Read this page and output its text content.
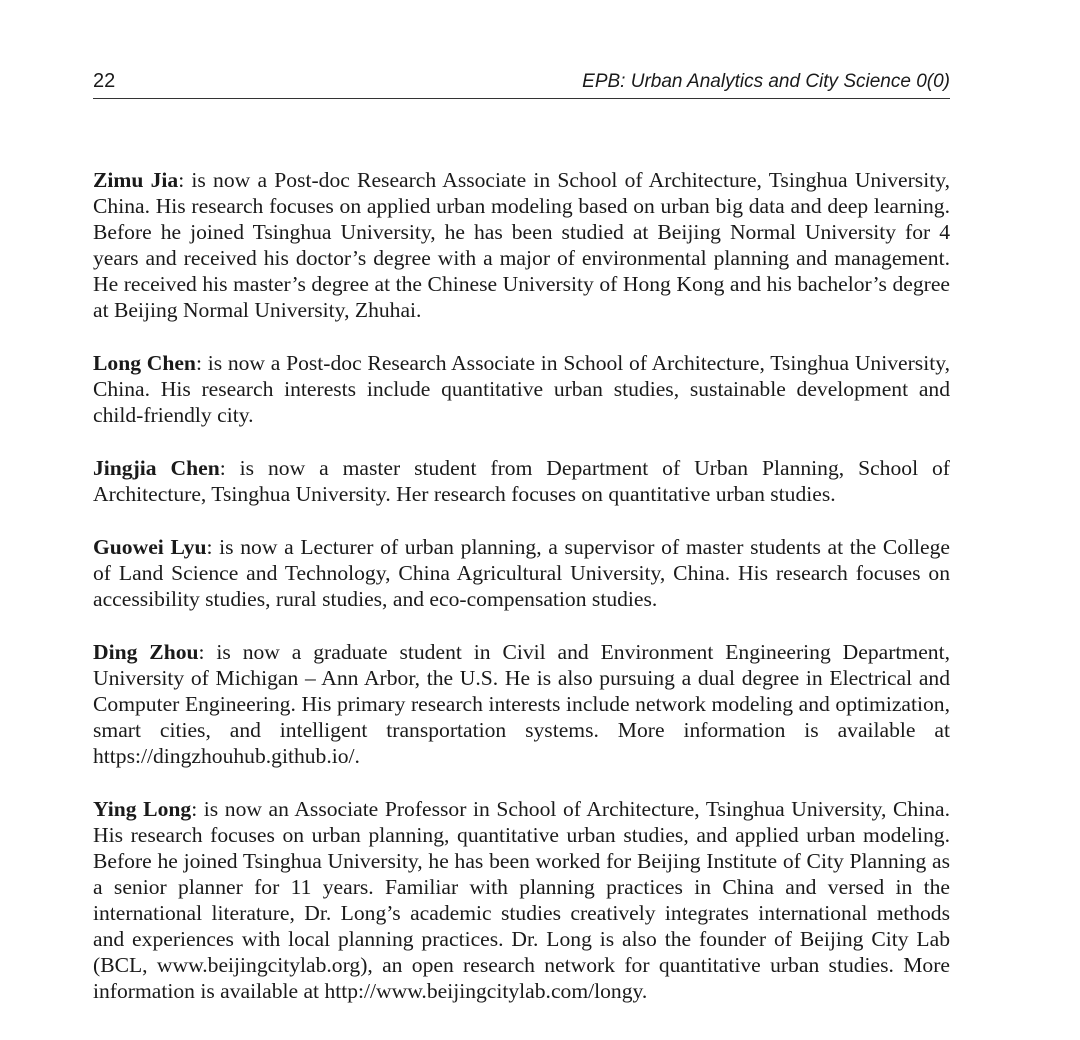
22	EPB: Urban Analytics and City Science 0(0)

Zimu Jia: is now a Post-doc Research Associate in School of Architecture, Tsinghua University, China. His research focuses on applied urban modeling based on urban big data and deep learning. Before he joined Tsinghua University, he has been studied at Beijing Normal University for 4 years and received his doctor’s degree with a major of environmental planning and management. He received his master’s degree at the Chinese University of Hong Kong and his bachelor’s degree at Beijing Normal University, Zhuhai.

Long Chen: is now a Post-doc Research Associate in School of Architecture, Tsinghua University, China. His research interests include quantitative urban studies, sustainable development and child-friendly city.

Jingjia Chen: is now a master student from Department of Urban Planning, School of Architecture, Tsinghua University. Her research focuses on quantitative urban studies.

Guowei Lyu: is now a Lecturer of urban planning, a supervisor of master students at the College of Land Science and Technology, China Agricultural University, China. His research focuses on accessibility studies, rural studies, and eco-compensation studies.

Ding Zhou: is now a graduate student in Civil and Environment Engineering Department, University of Michigan – Ann Arbor, the U.S. He is also pursuing a dual degree in Electrical and Computer Engineering. His primary research interests include network modeling and optimization, smart cities, and intelligent transportation systems. More information is available at https://dingzhouhub.github.io/.

Ying Long: is now an Associate Professor in School of Architecture, Tsinghua University, China. His research focuses on urban planning, quantitative urban studies, and applied urban modeling. Before he joined Tsinghua University, he has been worked for Beijing Institute of City Planning as a senior planner for 11 years. Familiar with planning practices in China and versed in the international literature, Dr. Long’s academic studies creatively integrates international methods and experiences with local planning practices. Dr. Long is also the founder of Beijing City Lab (BCL, www.beijingcitylab.org), an open research network for quantitative urban studies. More information is available at http://www.beijingcitylab.com/longy.
